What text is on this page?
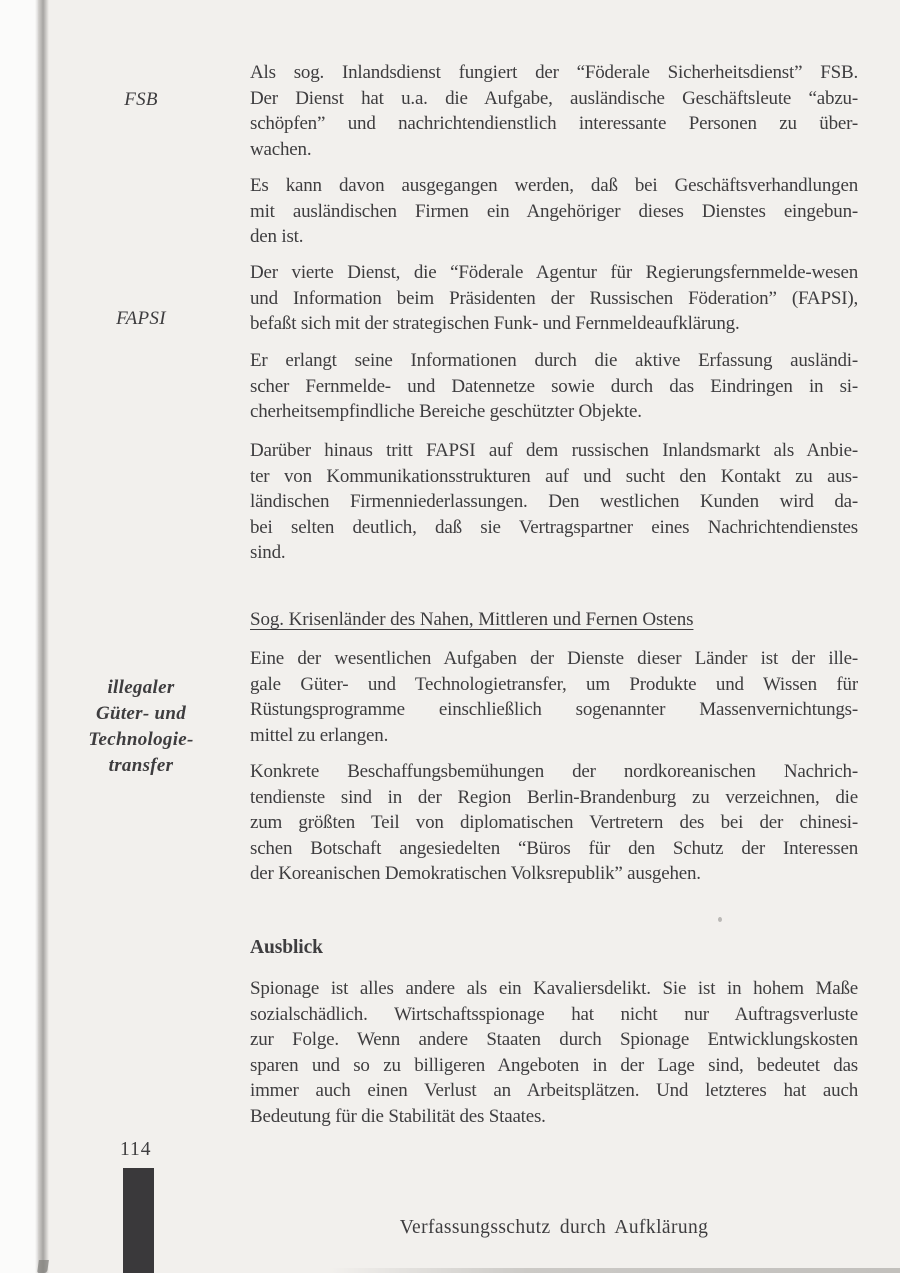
FSB
FAPSI
illegaler
Güter- und
Technologie-
transfer
Als sog. Inlandsdienst fungiert der “Föderale Sicherheitsdienst” FSB.
Der Dienst hat u.a. die Aufgabe, ausländische Geschäftsleute “abzu-
schöpfen” und nachrichtendienstlich interessante Personen zu über-
wachen.
Es kann davon ausgegangen werden, daß bei Geschäftsverhandlungen
mit ausländischen Firmen ein Angehöriger dieses Dienstes eingebun-
den ist.
Der vierte Dienst, die “Föderale Agentur für Regierungsfernmelde-wesen
und Information beim Präsidenten der Russischen Föderation” (FAPSI),
befaßt sich mit der strategischen Funk- und Fernmeldeaufklärung.
Er erlangt seine Informationen durch die aktive Erfassung ausländi-
scher Fernmelde- und Datennetze sowie durch das Eindringen in si-
cherheitsempfindliche Bereiche geschützter Objekte.
Darüber hinaus tritt FAPSI auf dem russischen Inlandsmarkt als Anbie-
ter von Kommunikationsstrukturen auf und sucht den Kontakt zu aus-
ländischen Firmenniederlassungen. Den westlichen Kunden wird da-
bei selten deutlich, daß sie Vertragspartner eines Nachrichtendienstes
sind.
Sog. Krisenländer des Nahen, Mittleren und Fernen Ostens
Eine der wesentlichen Aufgaben der Dienste dieser Länder ist der ille-
gale Güter- und Technologietransfer, um Produkte und Wissen für
Rüstungsprogramme einschließlich sogenannter Massenvernichtungs-
mittel zu erlangen.
Konkrete Beschaffungsbemühungen der nordkoreanischen Nachrich-
tendienste sind in der Region Berlin-Brandenburg zu verzeichnen, die
zum größten Teil von diplomatischen Vertretern des bei der chinesi-
schen Botschaft angesiedelten “Büros für den Schutz der Interessen
der Koreanischen Demokratischen Volksrepublik” ausgehen.
Ausblick
Spionage ist alles andere als ein Kavaliersdelikt. Sie ist in hohem Maße
sozialschädlich. Wirtschaftsspionage hat nicht nur Auftragsverluste
zur Folge. Wenn andere Staaten durch Spionage Entwicklungskosten
sparen und so zu billigeren Angeboten in der Lage sind, bedeutet das
immer auch einen Verlust an Arbeitsplätzen. Und letzteres hat auch
Bedeutung für die Stabilität des Staates.
114
Verfassungsschutz durch Aufklärung
